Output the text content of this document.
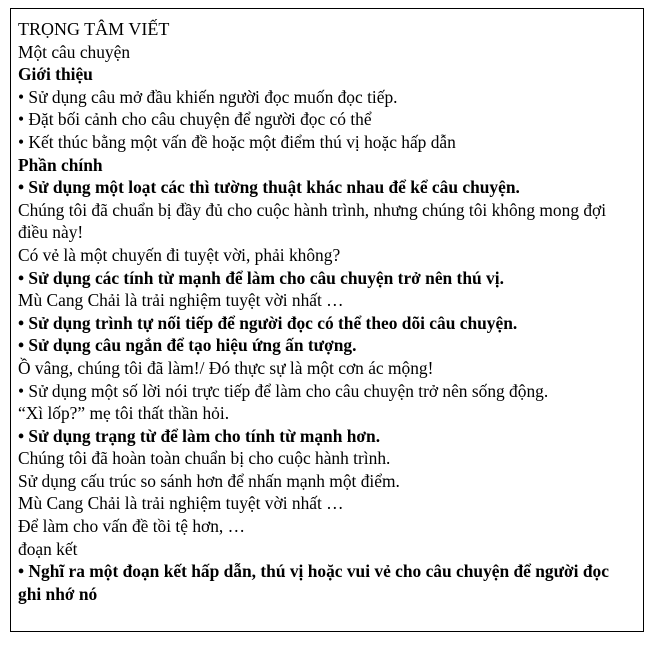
TRỌNG TÂM VIẾT
Một câu chuyện
Giới thiệu
• Sử dụng câu mở đầu khiến người đọc muốn đọc tiếp.
• Đặt bối cảnh cho câu chuyện để người đọc có thể
• Kết thúc bằng một vấn đề hoặc một điểm thú vị hoặc hấp dẫn
Phần chính
• Sử dụng một loạt các thì tường thuật khác nhau để kể câu chuyện.
Chúng tôi đã chuẩn bị đầy đủ cho cuộc hành trình, nhưng chúng tôi không mong đợi điều này!
Có vẻ là một chuyến đi tuyệt vời, phải không?
• Sử dụng các tính từ mạnh để làm cho câu chuyện trở nên thú vị.
Mù Cang Chải là trải nghiệm tuyệt vời nhất …
• Sử dụng trình tự nối tiếp để người đọc có thể theo dõi câu chuyện.
• Sử dụng câu ngắn để tạo hiệu ứng ấn tượng.
Ồ vâng, chúng tôi đã làm!/ Đó thực sự là một cơn ác mộng!
• Sử dụng một số lời nói trực tiếp để làm cho câu chuyện trở nên sống động.
“Xì lốp?” mẹ tôi thất thần hỏi.
• Sử dụng trạng từ để làm cho tính từ mạnh hơn.
Chúng tôi đã hoàn toàn chuẩn bị cho cuộc hành trình.
Sử dụng cấu trúc so sánh hơn để nhấn mạnh một điểm.
Mù Cang Chải là trải nghiệm tuyệt vời nhất …
Để làm cho vấn đề tồi tệ hơn, …
đoạn kết
• Nghĩ ra một đoạn kết hấp dẫn, thú vị hoặc vui vẻ cho câu chuyện để người đọc ghi nhớ nó
